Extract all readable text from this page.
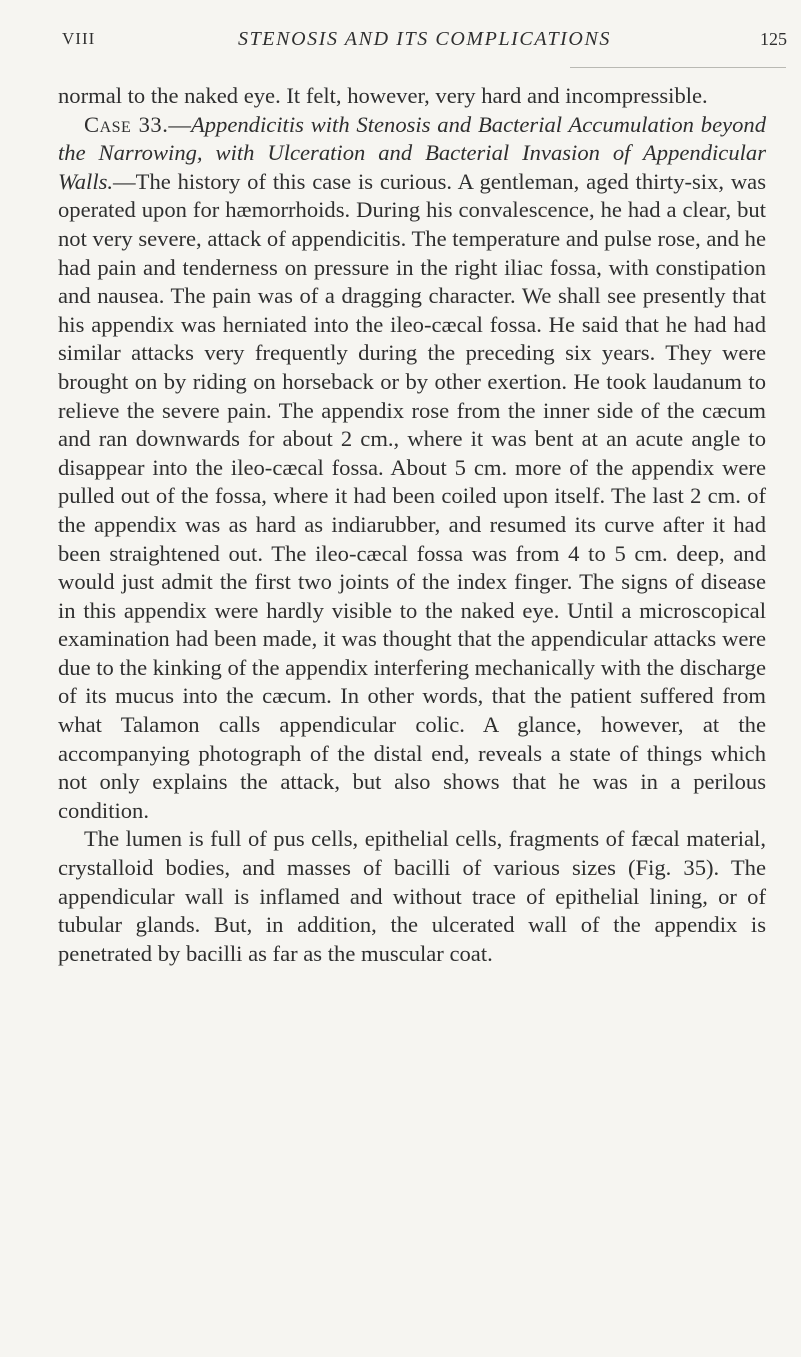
VIII	STENOSIS AND ITS COMPLICATIONS	125

normal to the naked eye. It felt, however, very hard and incompressible.

Case 33.—Appendicitis with Stenosis and Bacterial Accumulation beyond the Narrowing, with Ulceration and Bacterial Invasion of Appendicular Walls.—The history of this case is curious. A gentleman, aged thirty-six, was operated upon for hæmorrhoids. During his convalescence, he had a clear, but not very severe, attack of appendicitis. The temperature and pulse rose, and he had pain and tenderness on pressure in the right iliac fossa, with constipation and nausea. The pain was of a dragging character. We shall see presently that his appendix was herniated into the ileo-cæcal fossa. He said that he had had similar attacks very frequently during the preceding six years. They were brought on by riding on horseback or by other exertion. He took laudanum to relieve the severe pain. The appendix rose from the inner side of the cæcum and ran downwards for about 2 cm., where it was bent at an acute angle to disappear into the ileo-cæcal fossa. About 5 cm. more of the appendix were pulled out of the fossa, where it had been coiled upon itself. The last 2 cm. of the appendix was as hard as indiarubber, and resumed its curve after it had been straightened out. The ileo-cæcal fossa was from 4 to 5 cm. deep, and would just admit the first two joints of the index finger. The signs of disease in this appendix were hardly visible to the naked eye. Until a microscopical examination had been made, it was thought that the appendicular attacks were due to the kinking of the appendix interfering mechanically with the discharge of its mucus into the cæcum. In other words, that the patient suffered from what Talamon calls appendicular colic. A glance, however, at the accompanying photograph of the distal end, reveals a state of things which not only explains the attack, but also shows that he was in a perilous condition.

The lumen is full of pus cells, epithelial cells, fragments of fæcal material, crystalloid bodies, and masses of bacilli of various sizes (Fig. 35). The appendicular wall is inflamed and without trace of epithelial lining, or of tubular glands. But, in addition, the ulcerated wall of the appendix is penetrated by bacilli as far as the muscular coat.
